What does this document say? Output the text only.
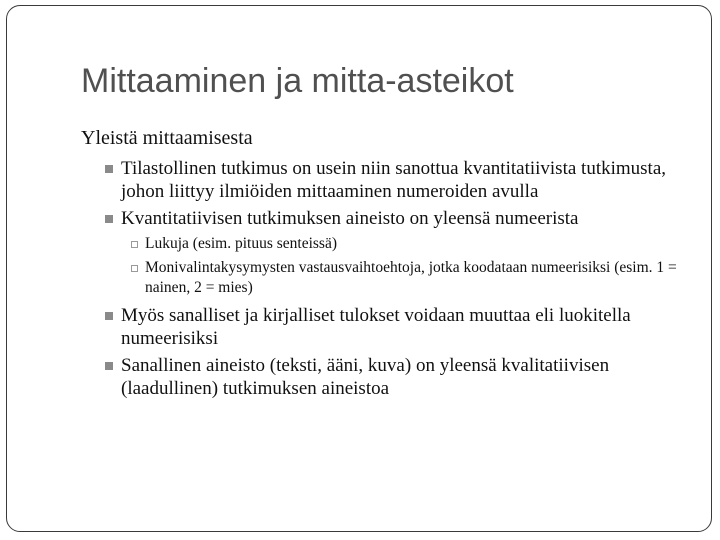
Mittaaminen ja mitta-asteikot
Yleistä mittaamisesta
Tilastollinen tutkimus on usein niin sanottua kvantitatiivista tutkimusta, johon liittyy ilmiöiden mittaaminen numeroiden avulla
Kvantitatiivisen tutkimuksen aineisto on yleensä numeerista
Lukuja (esim. pituus senteissä)
Monivalintakysymysten vastausvaihtoehtoja, jotka koodataan numeerisiksi (esim. 1 = nainen, 2 = mies)
Myös sanalliset ja kirjalliset tulokset voidaan muuttaa eli luokitella numeerisiksi
Sanallinen aineisto (teksti, ääni, kuva) on yleensä kvalitatiivisen (laadullinen) tutkimuksen aineistoa
